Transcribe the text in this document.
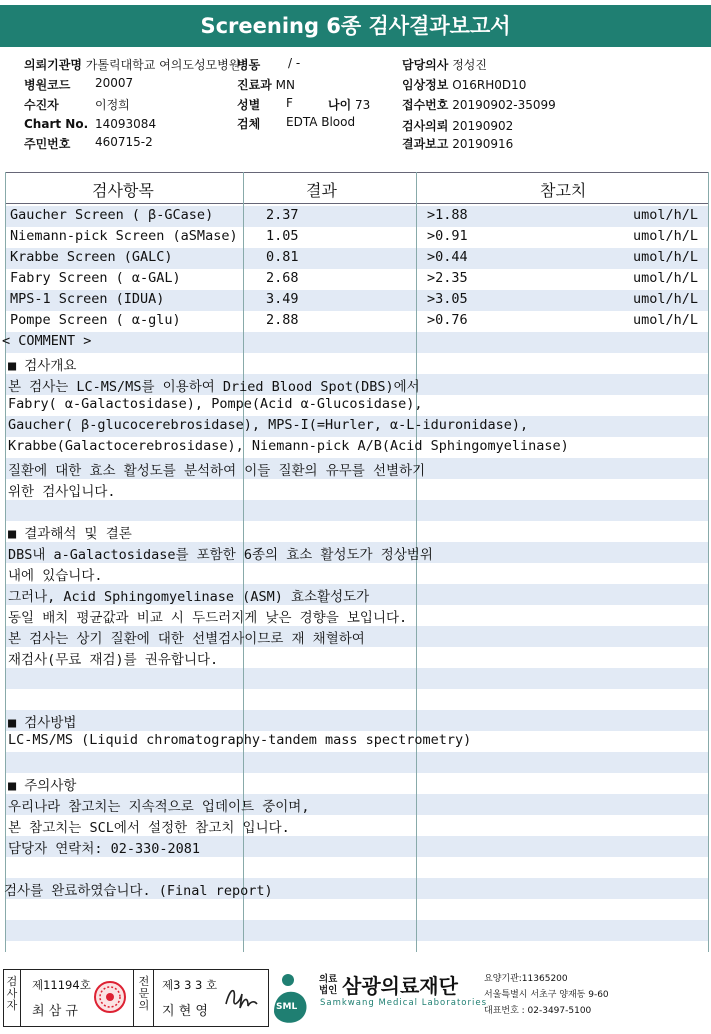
Screening 6종 검사결과보고서
의뢰기관명 가톨릭대학교 여의도성모병원
병동 / -	담당의사 정성진
병원코드 20007	진료과 MN	임상정보 O16RH0D10
수진자	이정희	성별 F	나이 73	접수번호 20190902-35099
Chart No. 14093084	검체 EDTA Blood	검사의뢰 20190902
주민번호 460715-2	결과보고 20190916
검사항목	결과	참고치
Gaucher Screen ( β-GCase)	2.37	>1.88	umol/h/L
Niemann-pick Screen (aSMase) 1.05	>0.91	umol/h/L
Krabbe Screen (GALC)	0.81	>0.44	umol/h/L
Fabry Screen ( α-GAL)	2.68	>2.35	umol/h/L
MPS-1 Screen (IDUA)	3.49	>3.05	umol/h/L
Pompe Screen ( α-glu)	2.88	>0.76	umol/h/L
< COMMENT >
■ 검사개요
본 검사는 LC-MS/MS를 이용하여 Dried Blood Spot(DBS)에서
Fabry( α-Galactosidase), Pompe(Acid α-Glucosidase),
Gaucher( β-glucocerebrosidase), MPS-I(=Hurler, α-L-iduronidase),
Krabbe(Galactocerebrosidase), Niemann-pick A/B(Acid Sphingomyelinase)
질환에 대한 효소 활성도를 분석하여 이들 질환의 유무를 선별하기
위한 검사입니다.
■ 결과해석 및 결론
DBS내 a-Galactosidase를 포함한 6종의 효소 활성도가 정상범위
내에 있습니다.
그러나, Acid Sphingomyelinase (ASM) 효소활성도가
동일 배치 평균값과 비교 시 두드러지게 낮은 경향을 보입니다.
본 검사는 상기 질환에 대한 선별검사이므로 재 채혈하여
재검사(무료 재검)를 권유합니다.
■ 검사방법
LC-MS/MS (Liquid chromatography-tandem mass spectrometry)
■ 주의사항
우리나라 참고치는 지속적으로 업데이트 중이며,
본 참고치는 SCL에서 설정한 참고치 입니다.
담당자 연락처: 02-330-2081
검사를 완료하였습니다. (Final report)
검사자
제11194호
최 삼 규
전문의
제3 3 3 호
지 현 영	SML
의료
법인 삼광의료재단
Samkwang Medical Laboratories
요양기관:11365200
서울특별시 서초구 양재동 9-60
대표번호 : 02-3497-5100
